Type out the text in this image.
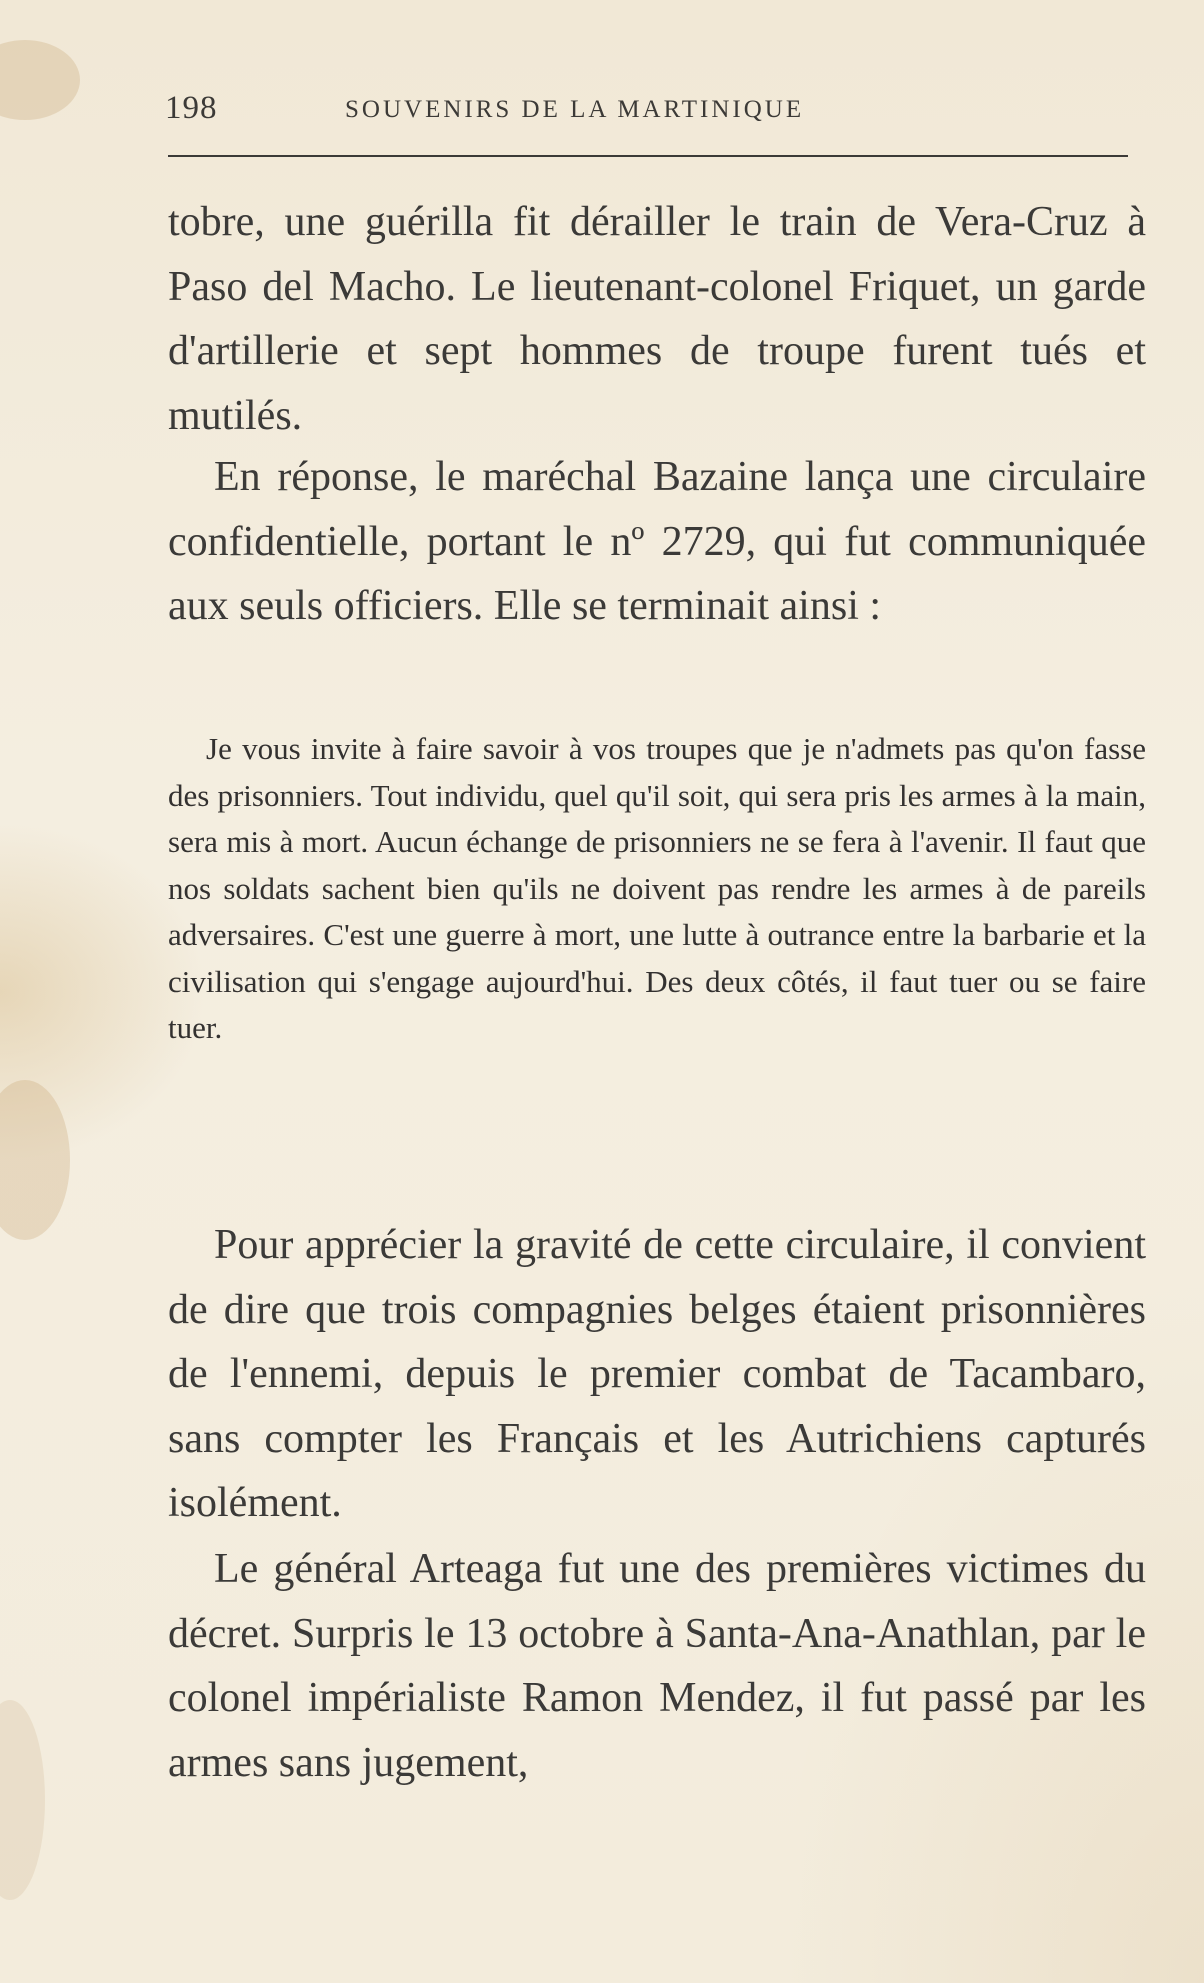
198	SOUVENIRS DE LA MARTINIQUE

tobre, une guérilla fit dérailler le train de Vera-Cruz à Paso del Macho. Le lieutenant-colonel Friquet, un garde d'artillerie et sept hommes de troupe furent tués et mutilés.

En réponse, le maréchal Bazaine lança une circulaire confidentielle, portant le nº 2729, qui fut communiquée aux seuls officiers. Elle se terminait ainsi :

Je vous invite à faire savoir à vos troupes que je n'admets pas qu'on fasse des prisonniers. Tout individu, quel qu'il soit, qui sera pris les armes à la main, sera mis à mort. Aucun échange de prisonniers ne se fera à l'avenir. Il faut que nos soldats sachent bien qu'ils ne doivent pas rendre les armes à de pareils adversaires. C'est une guerre à mort, une lutte à outrance entre la barbarie et la civilisation qui s'engage aujourd'hui. Des deux côtés, il faut tuer ou se faire tuer.

Pour apprécier la gravité de cette circulaire, il convient de dire que trois compagnies belges étaient prisonnières de l'ennemi, depuis le premier combat de Tacambaro, sans compter les Français et les Autrichiens capturés isolément.

Le général Arteaga fut une des premières victimes du décret. Surpris le 13 octobre à Santa-Ana-Anathlan, par le colonel impérialiste Ramon Mendez, il fut passé par les armes sans jugement,
